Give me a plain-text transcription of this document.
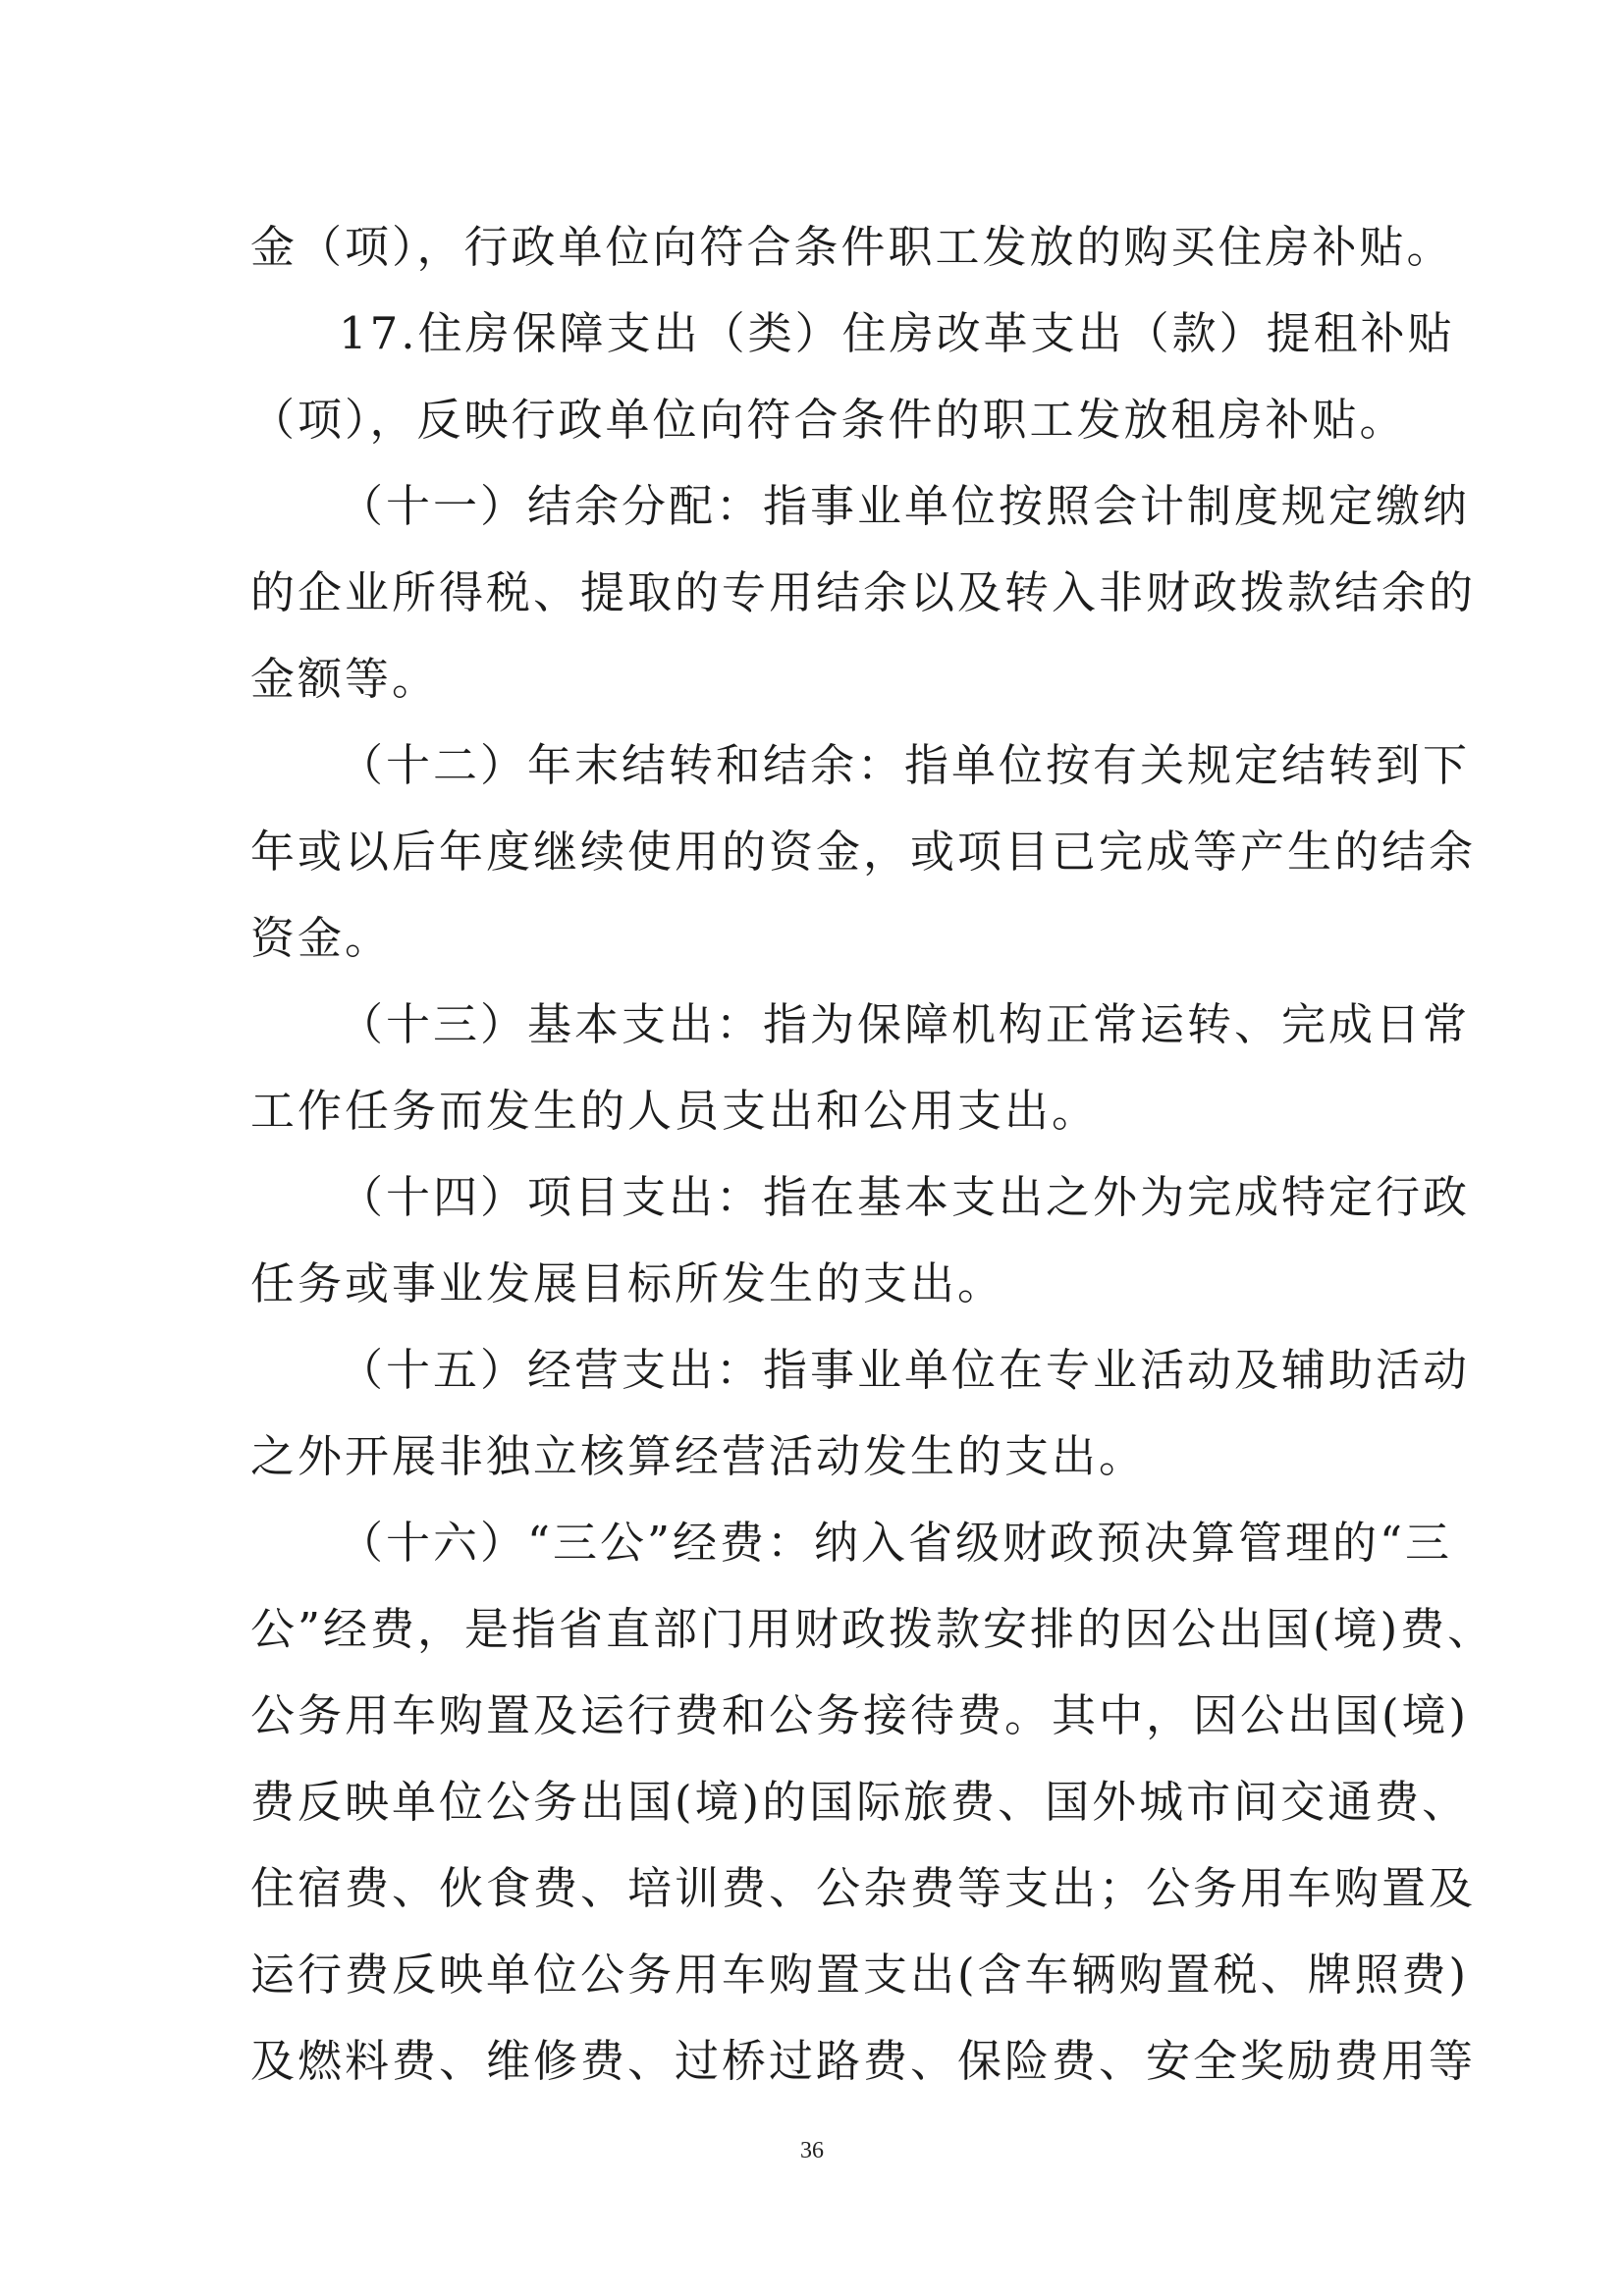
金（项），行政单位向符合条件职工发放的购买住房补贴。
17.住房保障支出（类）住房改革支出（款）提租补贴
（项），反映行政单位向符合条件的职工发放租房补贴。
（十一）结余分配：指事业单位按照会计制度规定缴纳
的企业所得税、提取的专用结余以及转入非财政拨款结余的
金额等。
（十二）年末结转和结余：指单位按有关规定结转到下
年或以后年度继续使用的资金，或项目已完成等产生的结余
资金。
（十三）基本支出：指为保障机构正常运转、完成日常
工作任务而发生的人员支出和公用支出。
（十四）项目支出：指在基本支出之外为完成特定行政
任务或事业发展目标所发生的支出。
（十五）经营支出：指事业单位在专业活动及辅助活动
之外开展非独立核算经营活动发生的支出。
（十六）“三公”经费：纳入省级财政预决算管理的“三
公”经费，是指省直部门用财政拨款安排的因公出国(境)费、
公务用车购置及运行费和公务接待费。其中，因公出国(境)
费反映单位公务出国(境)的国际旅费、国外城市间交通费、
住宿费、伙食费、培训费、公杂费等支出；公务用车购置及
运行费反映单位公务用车购置支出(含车辆购置税、牌照费)
及燃料费、维修费、过桥过路费、保险费、安全奖励费用等
36
